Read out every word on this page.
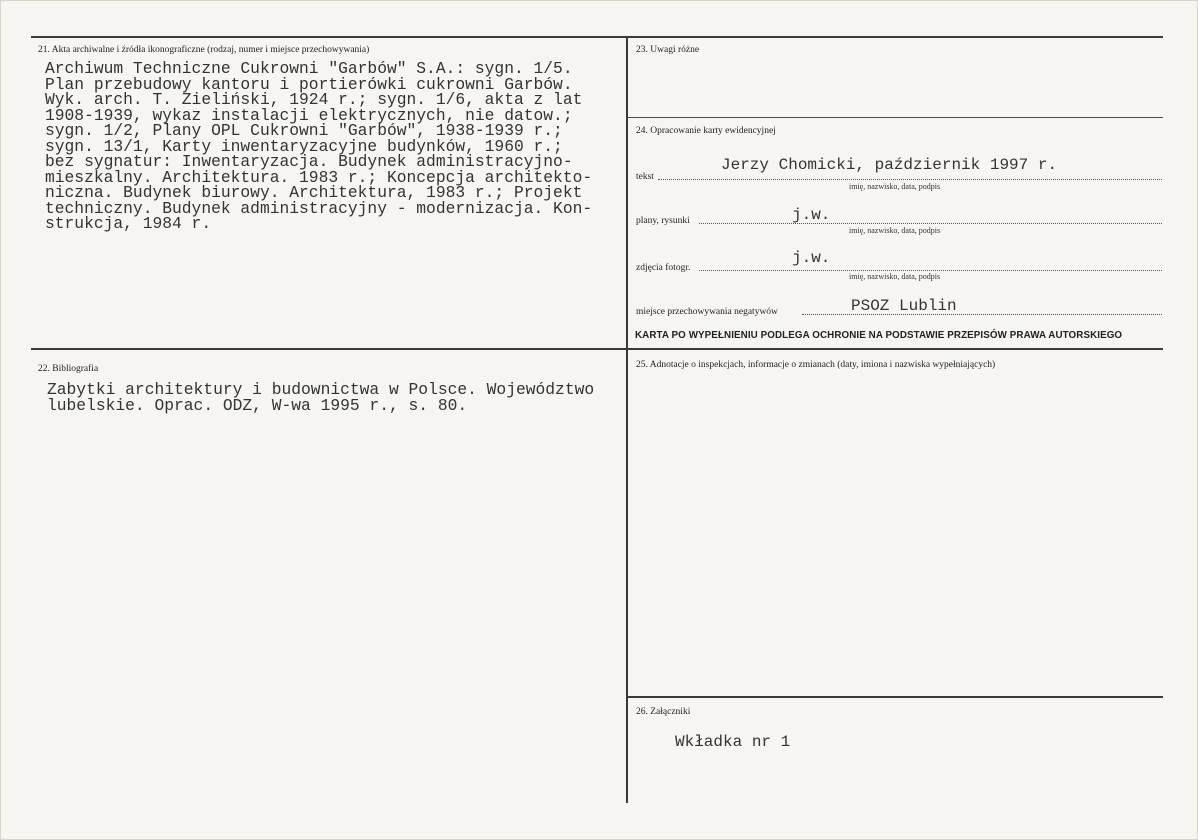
21. Akta archiwalne i źródła ikonograficzne (rodzaj, numer i miejsce przechowywania)
Archiwum Techniczne Cukrowni "Garbów" S.A.: sygn. 1/5.
Plan przebudowy kantoru i portierówki cukrowni Garbów.
Wyk. arch. T. Zieliński, 1924 r.; sygn. 1/6, akta z lat
1908-1939, wykaz instalacji elektrycznych, nie datow.;
sygn. 1/2, Plany OPL Cukrowni "Garbów", 1938-1939 r.;
sygn. 13/1, Karty inwentaryzacyjne budynków, 1960 r.;
bez sygnatur: Inwentaryzacja. Budynek administracyjno-
mieszkalny. Architektura. 1983 r.; Koncepcja architekto-
niczna. Budynek biurowy. Architektura, 1983 r.; Projekt
techniczny. Budynek administracyjny - modernizacja. Kon-
strukcja, 1984 r.
22. Bibliografia
Zabytki architektury i budownictwa w Polsce. Województwo
lubelskie. Oprac. ODZ, W-wa 1995 r., s. 80.
23. Uwagi różne
24. Opracowanie karty ewidencyjnej
tekst
Jerzy Chomicki, październik 1997 r.
imię, nazwisko, data, podpis
plany, rysunki	j.w.
imię, nazwisko, data, podpis
zdjęcia fotogr.
j.w.
imię, nazwisko, data, podpis
miejsce przechowywania negatywów	PSOZ Lublin
KARTA PO WYPEŁNIENIU PODLEGA OCHRONIE NA PODSTAWIE PRZEPISÓW PRAWA AUTORSKIEGO
25. Adnotacje o inspekcjach, informacje o zmianach (daty, imiona i nazwiska wypełniających)
26. Załączniki
Wkładka nr 1
